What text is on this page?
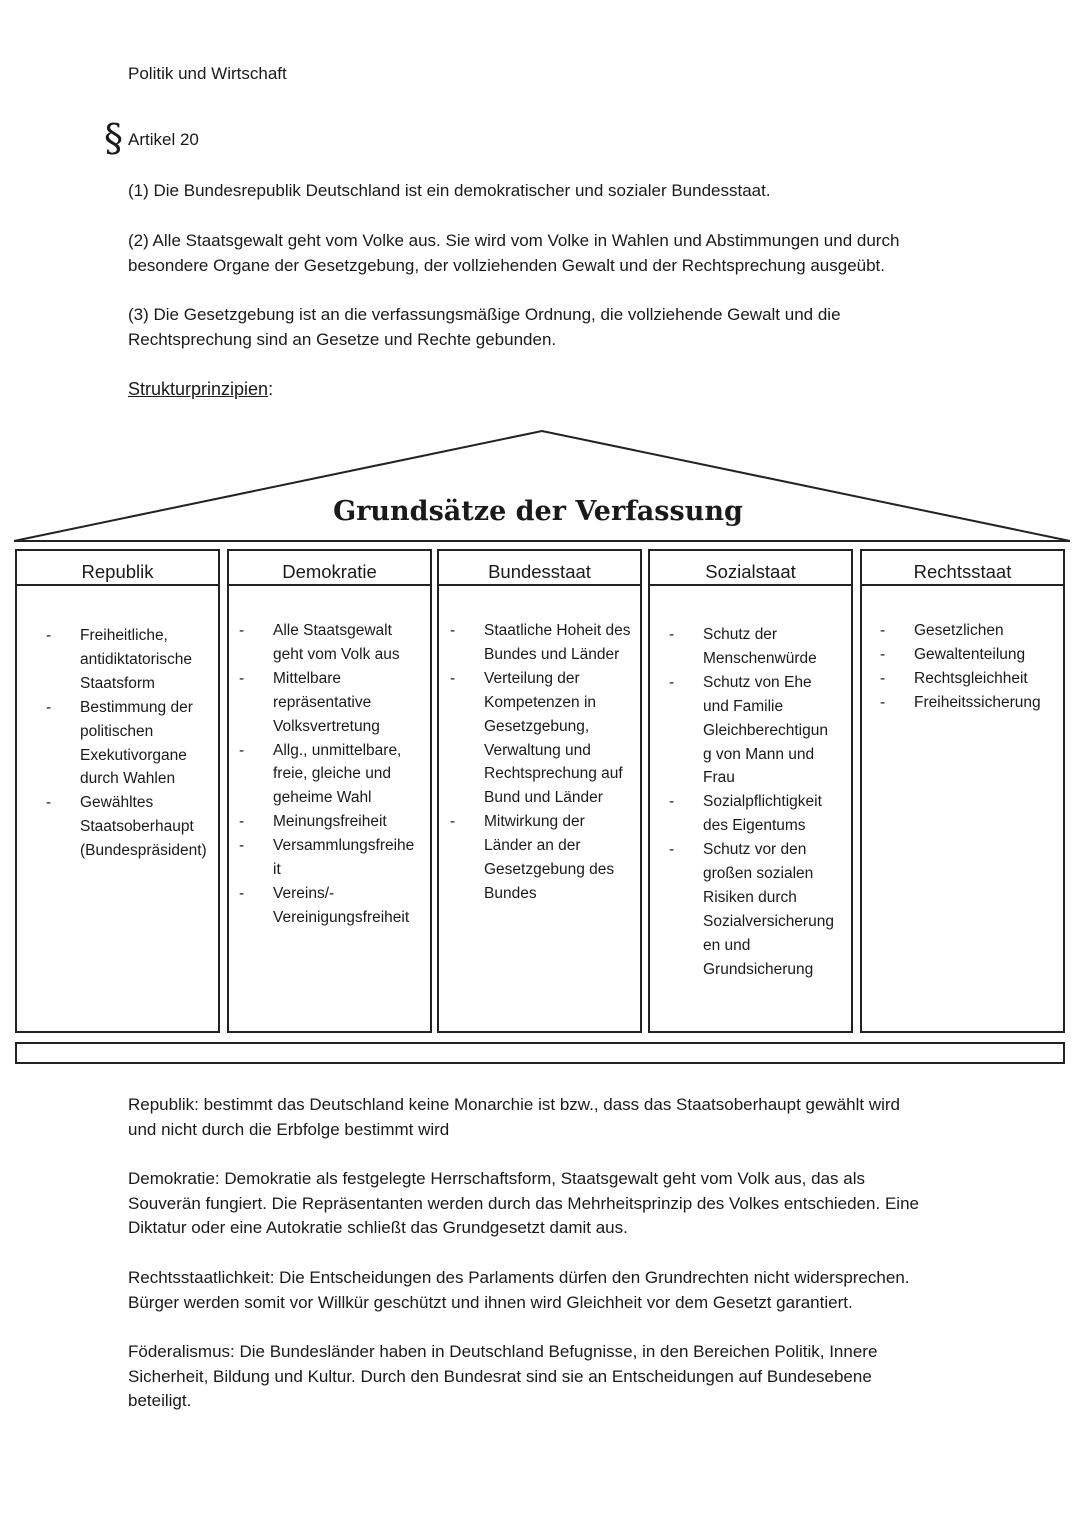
Politik und Wirtschaft
§ Artikel 20
(1) Die Bundesrepublik Deutschland ist ein demokratischer und sozialer Bundesstaat.
(2) Alle Staatsgewalt geht vom Volke aus. Sie wird vom Volke in Wahlen und Abstimmungen und durch
besondere Organe der Gesetzgebung, der vollziehenden Gewalt und der Rechtsprechung ausgeübt.
(3) Die Gesetzgebung ist an die verfassungsmäßige Ordnung, die vollziehende Gewalt und die
Rechtsprechung sind an Gesetze und Rechte gebunden.
Strukturprinzipien:
Grundsätze der Verfassung
Republik
- Freiheitliche,
antidiktatorische
Staatsform
- Bestimmung der
politischen
Exekutivorgane
durch Wahlen
- Gewähltes
Staatsoberhaupt
(Bundespräsident)
Demokratie
- Alle Staatsgewalt
geht vom Volk aus
- Mittelbare
repräsentative
Volksvertretung
- Allg., unmittelbare,
freie, gleiche und
geheime Wahl
- Meinungsfreiheit
- Versammlungsfreihe
it
- Vereins/-
Vereinigungsfreiheit
Bundesstaat
- Staatliche Hoheit des
Bundes und Länder
- Verteilung der
Kompetenzen in
Gesetzgebung,
Verwaltung und
Rechtsprechung auf
Bund und Länder
- Mitwirkung der
Länder an der
Gesetzgebung des
Bundes
Sozialstaat
- Schutz der
Menschenwürde
- Schutz von Ehe
und Familie
Gleichberechtigun
g von Mann und
Frau
- Sozialpflichtigkeit
des Eigentums
- Schutz vor den
großen sozialen
Risiken durch
Sozialversicherung
en und
Grundsicherung
Rechtsstaat
- Gesetzlichen
- Gewaltenteilung
- Rechtsgleichheit
- Freiheitssicherung
Republik: bestimmt das Deutschland keine Monarchie ist bzw., dass das Staatsoberhaupt gewählt wird
und nicht durch die Erbfolge bestimmt wird
Demokratie: Demokratie als festgelegte Herrschaftsform, Staatsgewalt geht vom Volk aus, das als
Souverän fungiert. Die Repräsentanten werden durch das Mehrheitsprinzip des Volkes entschieden. Eine
Diktatur oder eine Autokratie schließt das Grundgesetzt damit aus.
Rechtsstaatlichkeit: Die Entscheidungen des Parlaments dürfen den Grundrechten nicht widersprechen.
Bürger werden somit vor Willkür geschützt und ihnen wird Gleichheit vor dem Gesetzt garantiert.
Föderalismus: Die Bundesländer haben in Deutschland Befugnisse, in den Bereichen Politik, Innere
Sicherheit, Bildung und Kultur. Durch den Bundesrat sind sie an Entscheidungen auf Bundesebene
beteiligt.
